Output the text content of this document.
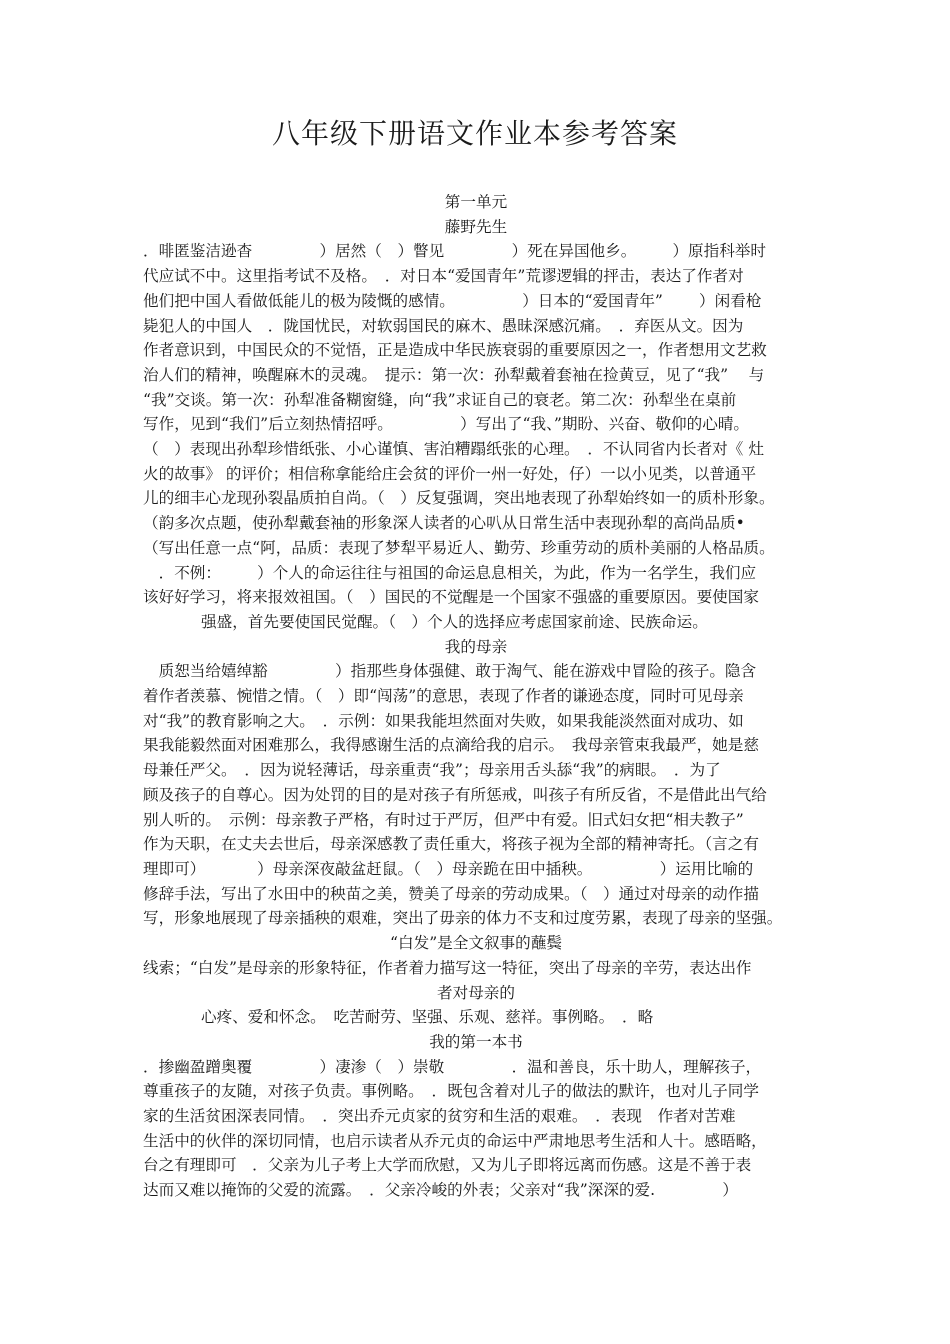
八年级下册语文作业本参考答案
第一单元
藤野先生
．啡匿鉴洁逊杳 　　　　）居然（　）瞥见 　　　　）死在异国他乡。 　　）原指科举时
代应试不中。这里指考试不及格。　．对日本“爱国青年”荒谬逻辑的抨击，表达了作者对
他们把中国人看做低能儿的极为陵慨的感情。 　　　　）日本的“爱国青年” 　　）闲看枪
毙犯人的中国人　．陇国忧民，对软弱国民的麻木、愚昧深感沉痛。　．弃医从文。因为
作者意识到，中国民众的不觉悟，正是造成中华民族衰弱的重要原因之一，作者想用文艺救
治人们的精神，唤醒麻木的灵魂。　提示：第一次：孙犁戴着套袖在捡黄豆，见了“我” 　与
“我”交谈。第一次：孙犁准备糊窗缝，向“我”求证自己的衰老。第二次：孙犁坐在桌前
写作，见到“我们”后立刻热情招呼。 　　　　）写出了“我、”期盼、兴奋、敬仰的心晴。
（　）表现出孙犁珍惜纸张、小心谨慎、害泊糟蹋纸张的心理。　．不认同省内长者对《 灶
火的故事》 的评价；相信称拿能给庄会贫的评价一州一好处，仔）一以小见类，以普通平
儿的细丰心龙现孙裂晶质拍自尚。（　）反复强调，突出地表现了孙犁始终如一的质朴形象。
（韵多次点题，使孙犁戴套袖的形象深人读者的心叭从日常生活中表现孙犁的高尚品质•
（写出任意一点“阿，品质：表现了梦犁平易近人、勤劳、珍重劳动的质朴美丽的人格品质。
　．不例： 　　）个人的命运往往与祖国的命运息息相关，为此，作为一名学生，我们应
该好好学习，将来报效祖国。（　）国民的不觉醒是一个国家不强盛的重要原因。要使国家
强盛，首先要使国民觉醒。（　）个人的选择应考虑国家前途、民族命运。
我的母亲
　质恕当给嬉绰豁 　　　　）指那些身体强健、敢于淘气、能在游戏中冒险的孩子。隐含
着作者羡慕、惋惜之情。（　）即“闯荡”的意思，表现了作者的谦逊态度，同时可见母亲
对“我”的教育影响之大。　．示例：如果我能坦然面对失败，如果我能淡然面对成功、如
果我能毅然面对困难那么，我得感谢生活的点滴给我的启示。　我母亲管束我最严，她是慈
母兼任严父。　．因为说轻薄话，母亲重责“我”；母亲用舌头舔“我”的病眼。　．为了
顾及孩子的自尊心。因为处罚的目的是对孩子有所惩戒，叫孩子有所反省，不是借此出气给
别人听的。　示例：母亲教子严格，有时过于严厉，但严中有爱。旧式妇女把“相夫教子”
作为天职，在丈夫去世后，母亲深感教了责任重大，将孩子视为全部的精神寄托。（言之有
理即可） 　　　）母亲深夜敲盆赶鼠。（　）母亲跪在田中插秧。 　　　　）运用比喻的
修辞手法，写出了水田中的秧苗之美，赞美了母亲的劳动成果。（　）通过对母亲的动作描
写，形象地展现了母亲插秧的艰难，突出了毋亲的体力不支和过度劳累，表现了母亲的坚强。
“白发”是全文叙事的蘸鬓
线索；“白发”是母亲的形象特征，作者着力描写这一特征，突出了母亲的辛劳，表达出作
者对母亲的
心疼、爱和怀念。　吃苦耐劳、坚强、乐观、慈祥。事例略。　．略
我的第一本书
．掺幽盈蹭奥覆 　　　　）凄渗（　）崇敬 　　　　．温和善良，乐十助人，理解孩子，
尊重孩子的友随，对孩子负责。事例略。　．既包含着对儿子的做法的默许，也对儿子同学
家的生活贫困深表同情。　．突出乔元贞家的贫穷和生活的艰难。　．表现　作者对苦难
生活中的伙伴的深切同情，也启示读者从乔元贞的命运中严肃地思考生活和人十。感晤略，
台之有理即可　．父亲为儿子考上大学而欣慰，又为儿子即将远离而伤感。这是不善于表
达而又难以掩饰的父爱的流露。　．父亲冷峻的外表；父亲对“我”深深的爱. 　　　　）
